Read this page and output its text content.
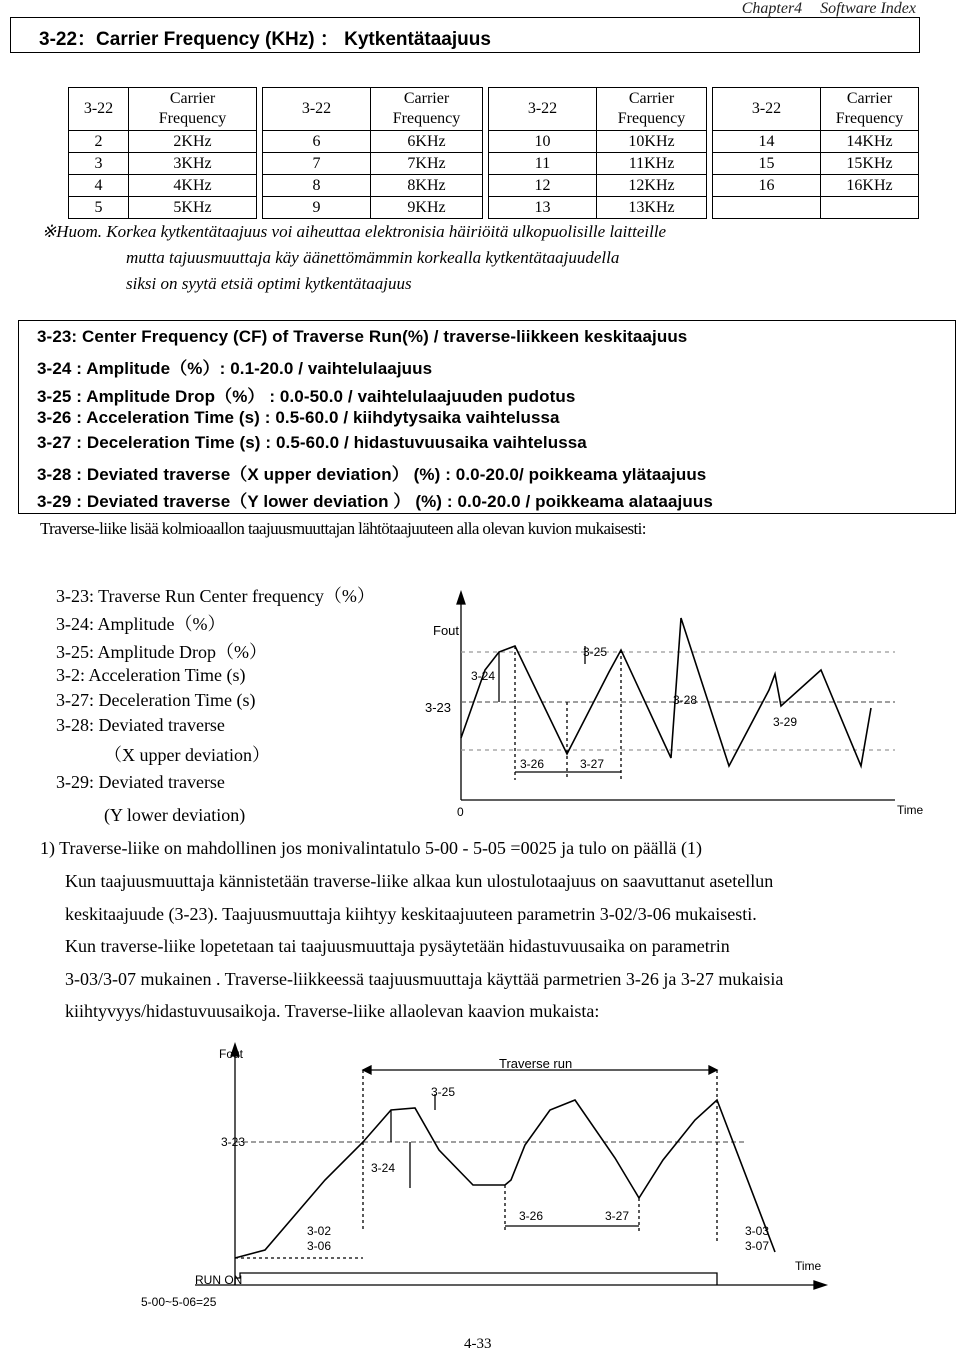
Chapter4 Software Index
3-22：Carrier Frequency (KHz) ： Kytkentätaajuus
3-22	Carrier
Frequency		3-22	Carrier
Frequency		3-22	Carrier
Frequency		3-22	Carrier
Frequency
2	2KHz		6	6KHz		10	10KHz		14	14KHz
3	3KHz		7	7KHz		11	11KHz		15	15KHz
4	4KHz		8	8KHz		12	12KHz		16	16KHz
5	5KHz		9	9KHz		13	13KHz			
※Huom. Korkea kytkentätaajuus voi aiheuttaa elektronisia häiriöitä ulkopuolisille laitteille
mutta tajuusmuuttaja käy äänettömämmin korkealla kytkentätaajuudella
siksi on syytä etsiä optimi kytkentätaajuus
3-23: Center Frequency (CF) of Traverse Run(%) / traverse-liikkeen keskitaajuus
3-24 : Amplitude（%）: 0.1-20.0 / vaihtelulaajuus
3-25 : Amplitude Drop（%） : 0.0-50.0 / vaihtelulaajuuden pudotus
3-26 : Acceleration Time (s) : 0.5-60.0 / kiihdytysaika vaihtelussa
3-27 : Deceleration Time (s) : 0.5-60.0 / hidastuvuusaika vaihtelussa
3-28 : Deviated traverse（X upper deviation） (%) : 0.0-20.0/ poikkeama ylätaajuus
3-29 : Deviated traverse（Y lower deviation ） (%) : 0.0-20.0 / poikkeama alataajuus
Traverse-liike lisää kolmioaallon taajuusmuuttajan lähtötaajuuteen alla olevan kuvion mukaisesti:
3-23: Traverse Run Center frequency（%）
3-24: Amplitude（%）
3-25: Amplitude Drop（%）
3-2: Acceleration Time (s)
3-27: Deceleration Time (s)
3-28: Deviated traverse
（X upper deviation）
3-29: Deviated traverse
(Y lower deviation)
Fout
3-23
3-24
3-25
3-26	3-27
3-28
3-29
0	Time
1) Traverse-liike on mahdollinen jos monivalintatulo 5-00 - 5-05 =0025 ja tulo on päällä (1)
Kun taajuusmuuttaja kännistetään traverse-liike alkaa kun ulostulotaajuus on saavuttanut asetellun
keskitaajuude (3-23). Taajuusmuuttaja kiihtyy keskitaajuuteen parametrin 3-02/3-06 mukaisesti.
Kun traverse-liike lopetetaan tai taajuusmuuttaja pysäytetään hidastuvuusaika on parametrin
3-03/3-07 mukainen . Traverse-liikkeessä taajuusmuuttaja käyttää parmetrien 3-26 ja 3-27 mukaisia
kiihtyvyys/hidastuvuusaikoja. Traverse-liike allaolevan kaavion mukaista:
Fout
Traverse run
3-23
3-24
3-25
3-26	3-27
3-02
3-06
3-03
3-07
RUN ON
5-00~5-06=25
Time
4-33
